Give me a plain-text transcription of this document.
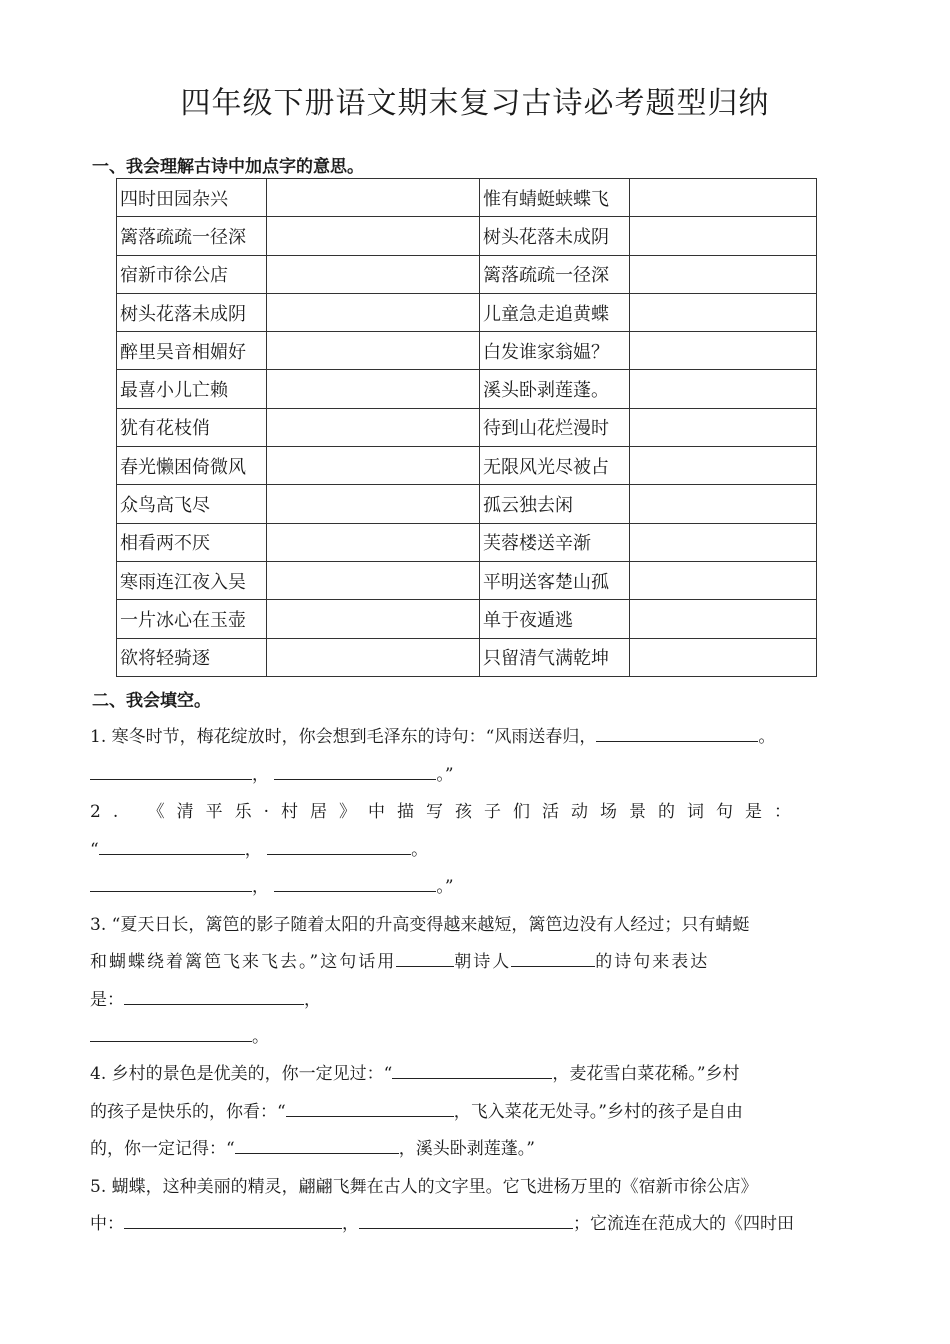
四年级下册语文期末复习古诗必考题型归纳
一、我会理解古诗中加点字的意思。
四时田园杂兴		惟有蜻蜓蛱蝶飞	
篱落疏疏一径深		树头花落未成阴	
宿新市徐公店		篱落疏疏一径深	
树头花落未成阴		儿童急走追黄蝶	
醉里吴音相媚好		白发谁家翁媪？	
最喜小儿亡赖		溪头卧剥莲蓬。	
犹有花枝俏		待到山花烂漫时	
春光懒困倚微风		无限风光尽被占	
众鸟高飞尽		孤云独去闲	
相看两不厌		芙蓉楼送辛渐	
寒雨连江夜入吴		平明送客楚山孤	
一片冰心在玉壶		单于夜遁逃	
欲将轻骑逐		只留清气满乾坤	
二、我会填空。

1. 寒冬时节，梅花绽放时，你会想到毛泽东的诗句：“风雨送春归，	。

，	。”

2. 《清平乐·村居》中描写孩子们活动场景的词句是：

“	，	。

，	。”

3. “夏天日长，篱笆的影子随着太阳的升高变得越来越短，篱笆边没有人经过；只有蜻蜓

和蝴蝶绕着篱笆飞来飞去。”这句话用	朝诗人	的诗句来表达

是：	，

。

4. 乡村的景色是优美的，你一定见过：“	，麦花雪白菜花稀。”乡村

的孩子是快乐的，你看：“	，飞入菜花无处寻。”乡村的孩子是自由

的，你一定记得：“	，溪头卧剥莲蓬。”

5. 蝴蝶，这种美丽的精灵，翩翩飞舞在古人的文字里。它飞进杨万里的《宿新市徐公店》

中：	，	；它流连在范成大的《四时田
